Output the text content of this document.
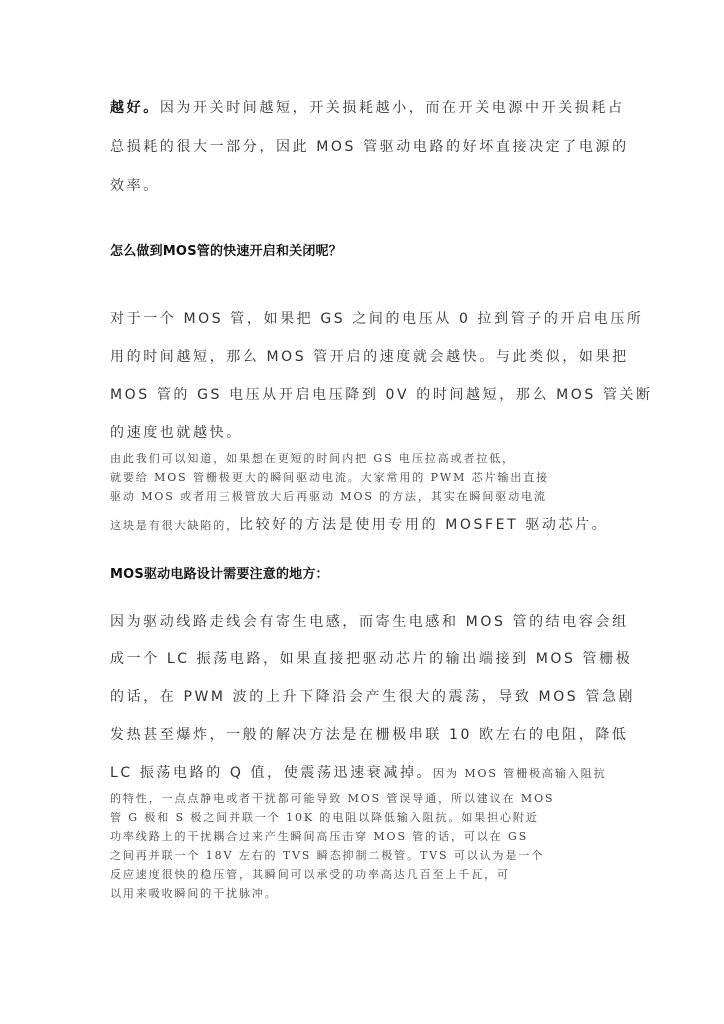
越好。因为开关时间越短，开关损耗越小，而在开关电源中开关损耗占

总损耗的很大一部分，因此 MOS 管驱动电路的好坏直接决定了电源的

效率。

怎么做到MOS管的快速开启和关闭呢？

对于一个 MOS 管，如果把 GS 之间的电压从 0 拉到管子的开启电压所

用的时间越短，那么 MOS 管开启的速度就会越快。与此类似，如果把

MOS 管的 GS 电压从开启电压降到 0V 的时间越短，那么 MOS 管关断

的速度也就越快。

由此我们可以知道，如果想在更短的时间内把 GS 电压拉高或者拉低，

就要给 MOS 管栅极更大的瞬间驱动电流。大家常用的 PWM 芯片输出直接

驱动 MOS 或者用三极管放大后再驱动 MOS 的方法，其实在瞬间驱动电流

这块是有很大缺陷的，比较好的方法是使用专用的 MOSFET 驱动芯片。

MOS驱动电路设计需要注意的地方：

因为驱动线路走线会有寄生电感，而寄生电感和 MOS 管的结电容会组

成一个 LC 振荡电路，如果直接把驱动芯片的输出端接到 MOS 管栅极

的话，在 PWM 波的上升下降沿会产生很大的震荡，导致 MOS 管急剧

发热甚至爆炸，一般的解决方法是在栅极串联 10 欧左右的电阻，降低

LC 振荡电路的 Q 值，使震荡迅速衰减掉。因为 MOS 管栅极高输入阻抗

的特性，一点点静电或者干扰都可能导致 MOS 管误导通，所以建议在 MOS

管 G 极和 S 极之间并联一个 10K 的电阻以降低输入阻抗。如果担心附近

功率线路上的干扰耦合过来产生瞬间高压击穿 MOS 管的话，可以在 GS

之间再并联一个 18V 左右的 TVS 瞬态抑制二极管。TVS 可以认为是一个

反应速度很快的稳压管，其瞬间可以承受的功率高达几百至上千瓦，可

以用来吸收瞬间的干扰脉冲。
